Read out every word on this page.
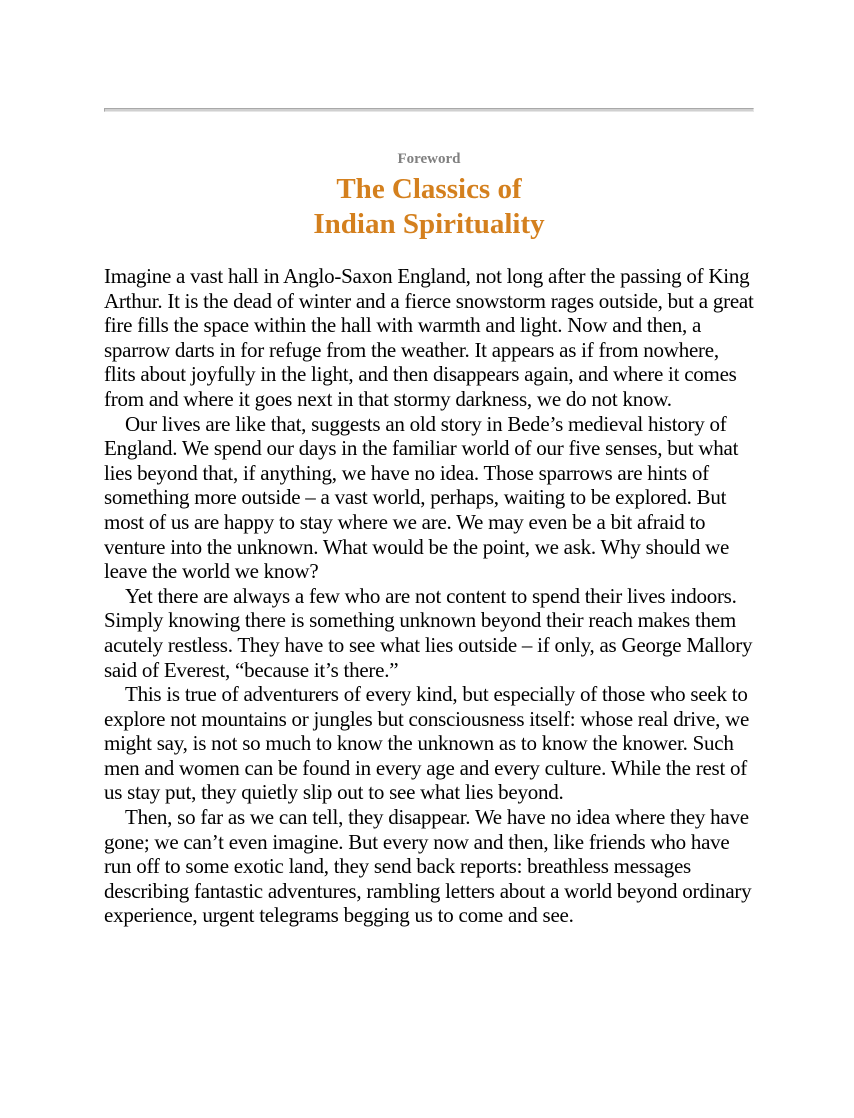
Foreword
The Classics of
Indian Spirituality

Imagine a vast hall in Anglo-Saxon England, not long after the passing of King Arthur. It is the dead of winter and a fierce snowstorm rages outside, but a great fire fills the space within the hall with warmth and light. Now and then, a sparrow darts in for refuge from the weather. It appears as if from nowhere, flits about joyfully in the light, and then disappears again, and where it comes from and where it goes next in that stormy darkness, we do not know.

Our lives are like that, suggests an old story in Bede’s medieval history of England. We spend our days in the familiar world of our five senses, but what lies beyond that, if anything, we have no idea. Those sparrows are hints of something more outside – a vast world, perhaps, waiting to be explored. But most of us are happy to stay where we are. We may even be a bit afraid to venture into the unknown. What would be the point, we ask. Why should we leave the world we know?

Yet there are always a few who are not content to spend their lives indoors. Simply knowing there is something unknown beyond their reach makes them acutely restless. They have to see what lies outside – if only, as George Mallory said of Everest, “because it’s there.”

This is true of adventurers of every kind, but especially of those who seek to explore not mountains or jungles but consciousness itself: whose real drive, we might say, is not so much to know the unknown as to know the knower. Such men and women can be found in every age and every culture. While the rest of us stay put, they quietly slip out to see what lies beyond.

Then, so far as we can tell, they disappear. We have no idea where they have gone; we can’t even imagine. But every now and then, like friends who have run off to some exotic land, they send back reports: breathless messages describing fantastic adventures, rambling letters about a world beyond ordinary experience, urgent telegrams begging us to come and see.
